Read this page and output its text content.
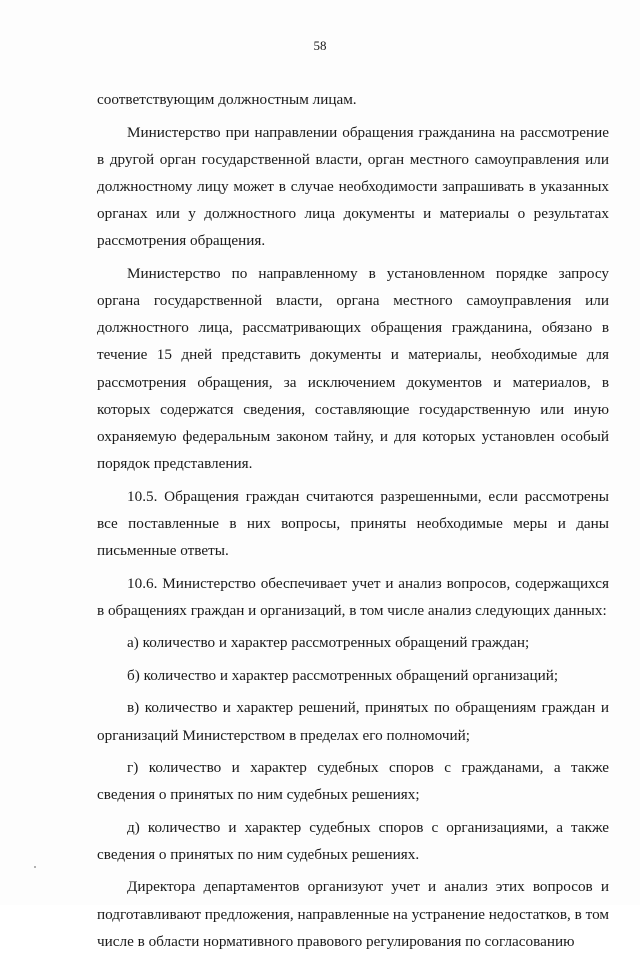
58

соответствующим должностным лицам.

Министерство при направлении обращения гражданина на рассмотрение в другой орган государственной власти, орган местного самоуправления или должностному лицу может в случае необходимости запрашивать в указанных органах или у должностного лица документы и материалы о результатах рассмотрения обращения.

Министерство по направленному в установленном порядке запросу органа государственной власти, органа местного самоуправления или должностного лица, рассматривающих обращения гражданина, обязано в течение 15 дней представить документы и материалы, необходимые для рассмотрения обращения, за исключением документов и материалов, в которых содержатся сведения, составляющие государственную или иную охраняемую федеральным законом тайну, и для которых установлен особый порядок представления.

10.5. Обращения граждан считаются разрешенными, если рассмотрены все поставленные в них вопросы, приняты необходимые меры и даны письменные ответы.

10.6. Министерство обеспечивает учет и анализ вопросов, содержащихся в обращениях граждан и организаций, в том числе анализ следующих данных:

а) количество и характер рассмотренных обращений граждан;

б) количество и характер рассмотренных обращений организаций;

в) количество и характер решений, принятых по обращениям граждан и организаций Министерством в пределах его полномочий;

г) количество и характер судебных споров с гражданами, а также сведения о принятых по ним судебных решениях;

д) количество и характер судебных споров с организациями, а также сведения о принятых по ним судебных решениях.

Директора департаментов организуют учет и анализ этих вопросов и подготавливают предложения, направленные на устранение недостатков, в том числе в области нормативного правового регулирования по согласованию
